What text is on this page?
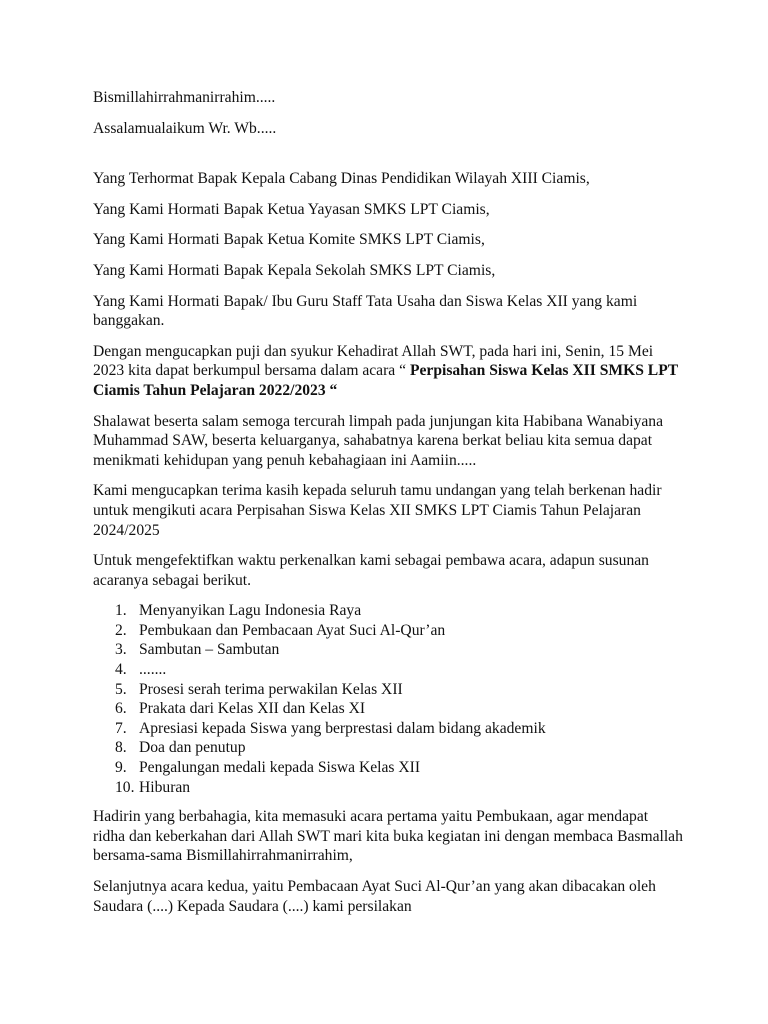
Bismillahirrahmanirrahim.....

Assalamualaikum Wr. Wb.....

Yang Terhormat Bapak Kepala Cabang Dinas Pendidikan Wilayah XIII Ciamis,

Yang Kami Hormati Bapak Ketua Yayasan SMKS LPT Ciamis,

Yang Kami Hormati Bapak Ketua Komite SMKS LPT Ciamis,

Yang Kami Hormati Bapak Kepala Sekolah SMKS LPT Ciamis,

Yang Kami Hormati Bapak/ Ibu Guru Staff Tata Usaha dan Siswa Kelas XII yang kami banggakan.

Dengan mengucapkan puji dan syukur Kehadirat Allah SWT, pada hari ini, Senin, 15 Mei 2023 kita dapat berkumpul bersama dalam acara “ Perpisahan Siswa Kelas XII SMKS LPT Ciamis Tahun Pelajaran 2022/2023 “

Shalawat beserta salam semoga tercurah limpah pada junjungan kita Habibana Wanabiyana Muhammad SAW, beserta keluarganya, sahabatnya karena berkat beliau kita semua dapat menikmati kehidupan yang penuh kebahagiaan ini Aamiin.....

Kami mengucapkan terima kasih kepada seluruh tamu undangan yang telah berkenan hadir untuk mengikuti acara Perpisahan Siswa Kelas XII SMKS LPT Ciamis Tahun Pelajaran 2024/2025

Untuk mengefektifkan waktu perkenalkan kami sebagai pembawa acara, adapun susunan acaranya sebagai berikut.

1. Menyanyikan Lagu Indonesia Raya
2. Pembukaan dan Pembacaan Ayat Suci Al-Qur’an
3. Sambutan – Sambutan
4. .......
5. Prosesi serah terima perwakilan Kelas XII
6. Prakata dari Kelas XII dan Kelas XI
7. Apresiasi kepada Siswa yang berprestasi dalam bidang akademik
8. Doa dan penutup
9. Pengalungan medali kepada Siswa Kelas XII
10. Hiburan

Hadirin yang berbahagia, kita memasuki acara pertama yaitu Pembukaan, agar mendapat ridha dan keberkahan dari Allah SWT mari kita buka kegiatan ini dengan membaca Basmallah bersama-sama Bismillahirrahmanirrahim,

Selanjutnya acara kedua, yaitu Pembacaan Ayat Suci Al-Qur’an yang akan dibacakan oleh Saudara (....) Kepada Saudara (....) kami persilakan
